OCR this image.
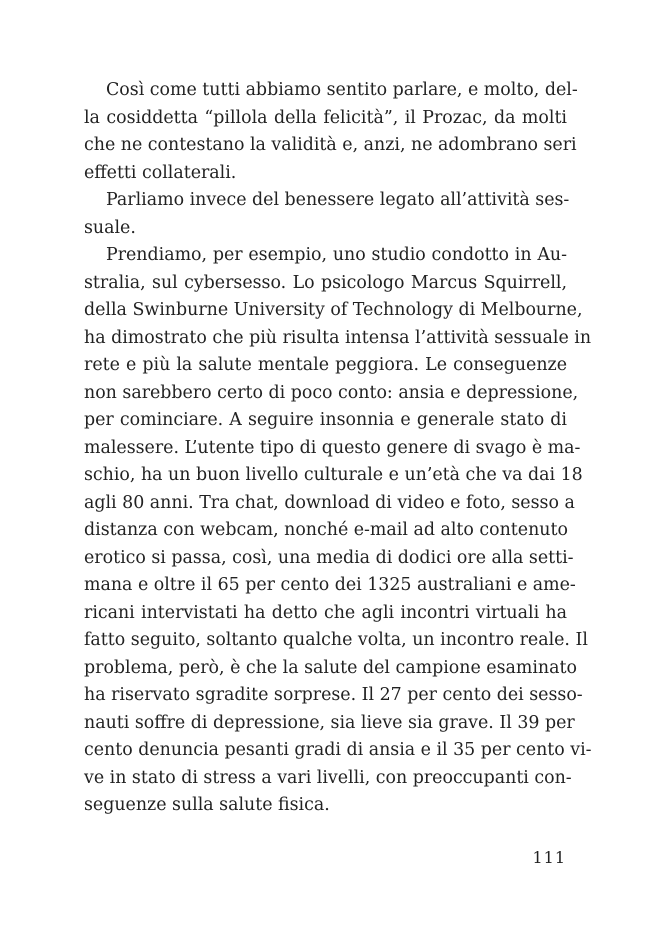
Così come tutti abbiamo sentito parlare, e molto, del-
la cosiddetta “pillola della felicità”, il Prozac, da molti
che ne contestano la validità e, anzi, ne adombrano seri
effetti collaterali.
Parliamo invece del benessere legato all’attività ses-
suale.
Prendiamo, per esempio, uno studio condotto in Au-
stralia, sul cybersesso. Lo psicologo Marcus Squirrell,
della Swinburne University of Technology di Melbourne,
ha dimostrato che più risulta intensa l’attività sessuale in
rete e più la salute mentale peggiora. Le conseguenze
non sarebbero certo di poco conto: ansia e depressione,
per cominciare. A seguire insonnia e generale stato di
malessere. L’utente tipo di questo genere di svago è ma-
schio, ha un buon livello culturale e un’età che va dai 18
agli 80 anni. Tra chat, download di video e foto, sesso a
distanza con webcam, nonché e-mail ad alto contenuto
erotico si passa, così, una media di dodici ore alla setti-
mana e oltre il 65 per cento dei 1325 australiani e ame-
ricani intervistati ha detto che agli incontri virtuali ha
fatto seguito, soltanto qualche volta, un incontro reale. Il
problema, però, è che la salute del campione esaminato
ha riservato sgradite sorprese. Il 27 per cento dei sesso-
nauti soffre di depressione, sia lieve sia grave. Il 39 per
cento denuncia pesanti gradi di ansia e il 35 per cento vi-
ve in stato di stress a vari livelli, con preoccupanti con-
seguenze sulla salute fisica.
111
